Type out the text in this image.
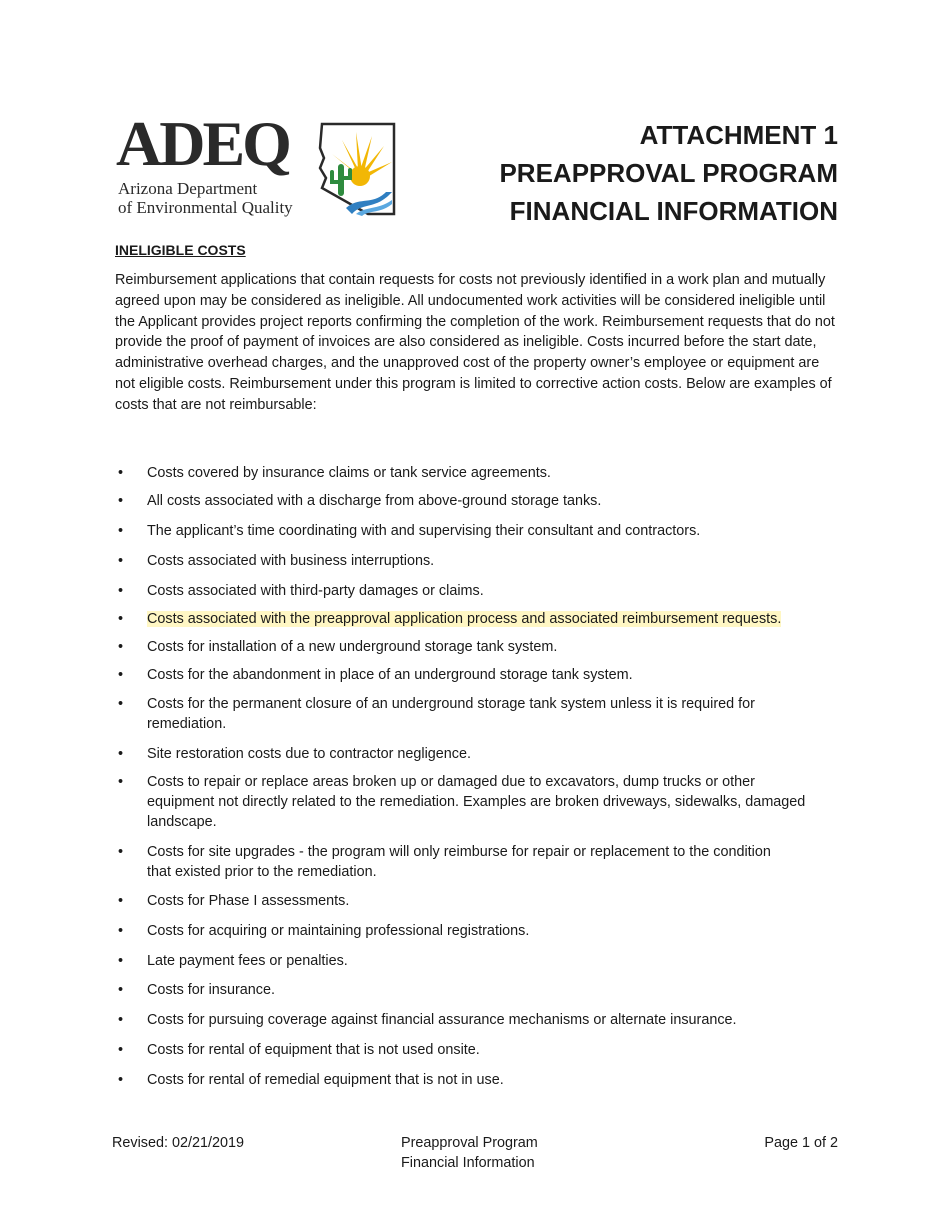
ADEQ
Arizona Department
of Environmental Quality
ATTACHMENT 1
PREAPPROVAL PROGRAM
FINANCIAL INFORMATION
INELIGIBLE COSTS

Reimbursement applications that contain requests for costs not previously identified in a work plan and mutually agreed upon may be considered as ineligible. All undocumented work activities will be considered ineligible until the Applicant provides project reports confirming the completion of the work. Reimbursement requests that do not provide the proof of payment of invoices are also considered as ineligible. Costs incurred before the start date, administrative overhead charges, and the unapproved cost of the property owner’s employee or equipment are not eligible costs. Reimbursement under this program is limited to corrective action costs. Below are examples of costs that are not reimbursable:

•	Costs covered by insurance claims or tank service agreements.
•	All costs associated with a discharge from above-ground storage tanks.
•	The applicant’s time coordinating with and supervising their consultant and contractors.
•	Costs associated with business interruptions.
•	Costs associated with third-party damages or claims.
•	Costs associated with the preapproval application process and associated reimbursement requests.
•	Costs for installation of a new underground storage tank system.
•	Costs for the abandonment in place of an underground storage tank system.
•	Costs for the permanent closure of an underground storage tank system unless it is required for remediation.
•	Site restoration costs due to contractor negligence.
•	Costs to repair or replace areas broken up or damaged due to excavators, dump trucks or other equipment not directly related to the remediation. Examples are broken driveways, sidewalks, damaged landscape.
•	Costs for site upgrades - the program will only reimburse for repair or replacement to the condition that existed prior to the remediation.
•	Costs for Phase I assessments.
•	Costs for acquiring or maintaining professional registrations.
•	Late payment fees or penalties.
•	Costs for insurance.
•	Costs for pursuing coverage against financial assurance mechanisms or alternate insurance.
•	Costs for rental of equipment that is not used onsite.
•	Costs for rental of remedial equipment that is not in use.
Revised: 02/21/2019	Preapproval Program
Financial Information
Page 1 of 2
